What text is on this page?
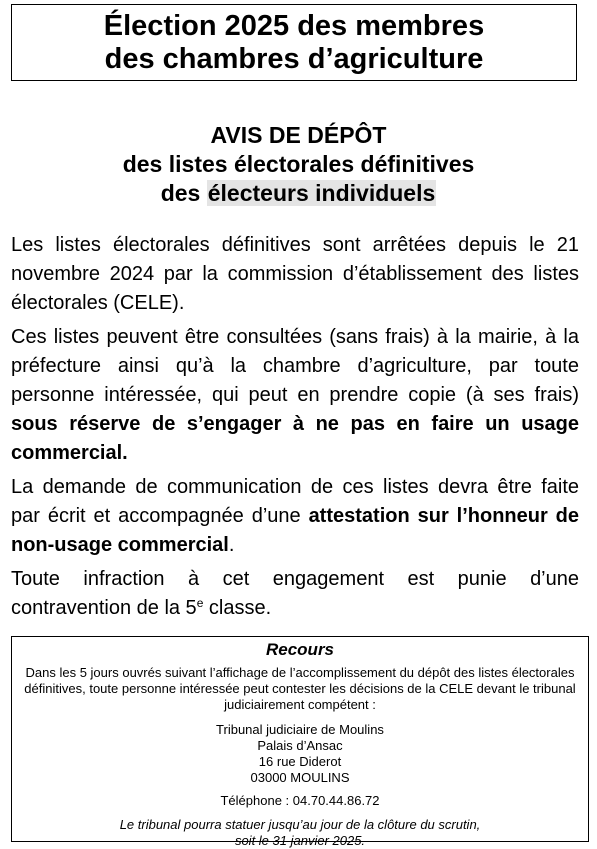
Élection 2025 des membres
des chambres d’agriculture
AVIS DE DÉPÔT
des listes électorales définitives
des électeurs individuels

Les listes électorales définitives sont arrêtées depuis le 21 novembre 2024 par la commission d’établissement des listes électorales (CELE).

Ces listes peuvent être consultées (sans frais) à la mairie, à la préfecture ainsi qu’à la chambre d’agriculture, par toute personne intéressée, qui peut en prendre copie (à ses frais) sous réserve de s’engager à ne pas en faire un usage commercial.

La demande de communication de ces listes devra être faite par écrit et accompagnée d’une attestation sur l’honneur de non-usage commercial.

Toute infraction à cet engagement est punie d’une contravention de la 5e classe.

Recours
Dans les 5 jours ouvrés suivant l’affichage de l’accomplissement du dépôt des listes électorales définitives, toute personne intéressée peut contester les décisions de la CELE devant le tribunal judiciairement compétent :
Tribunal judiciaire de Moulins
Palais d’Ansac
16 rue Diderot
03000 MOULINS
Téléphone : 04.70.44.86.72
Le tribunal pourra statuer jusqu’au jour de la clôture du scrutin,
soit le 31 janvier 2025.
